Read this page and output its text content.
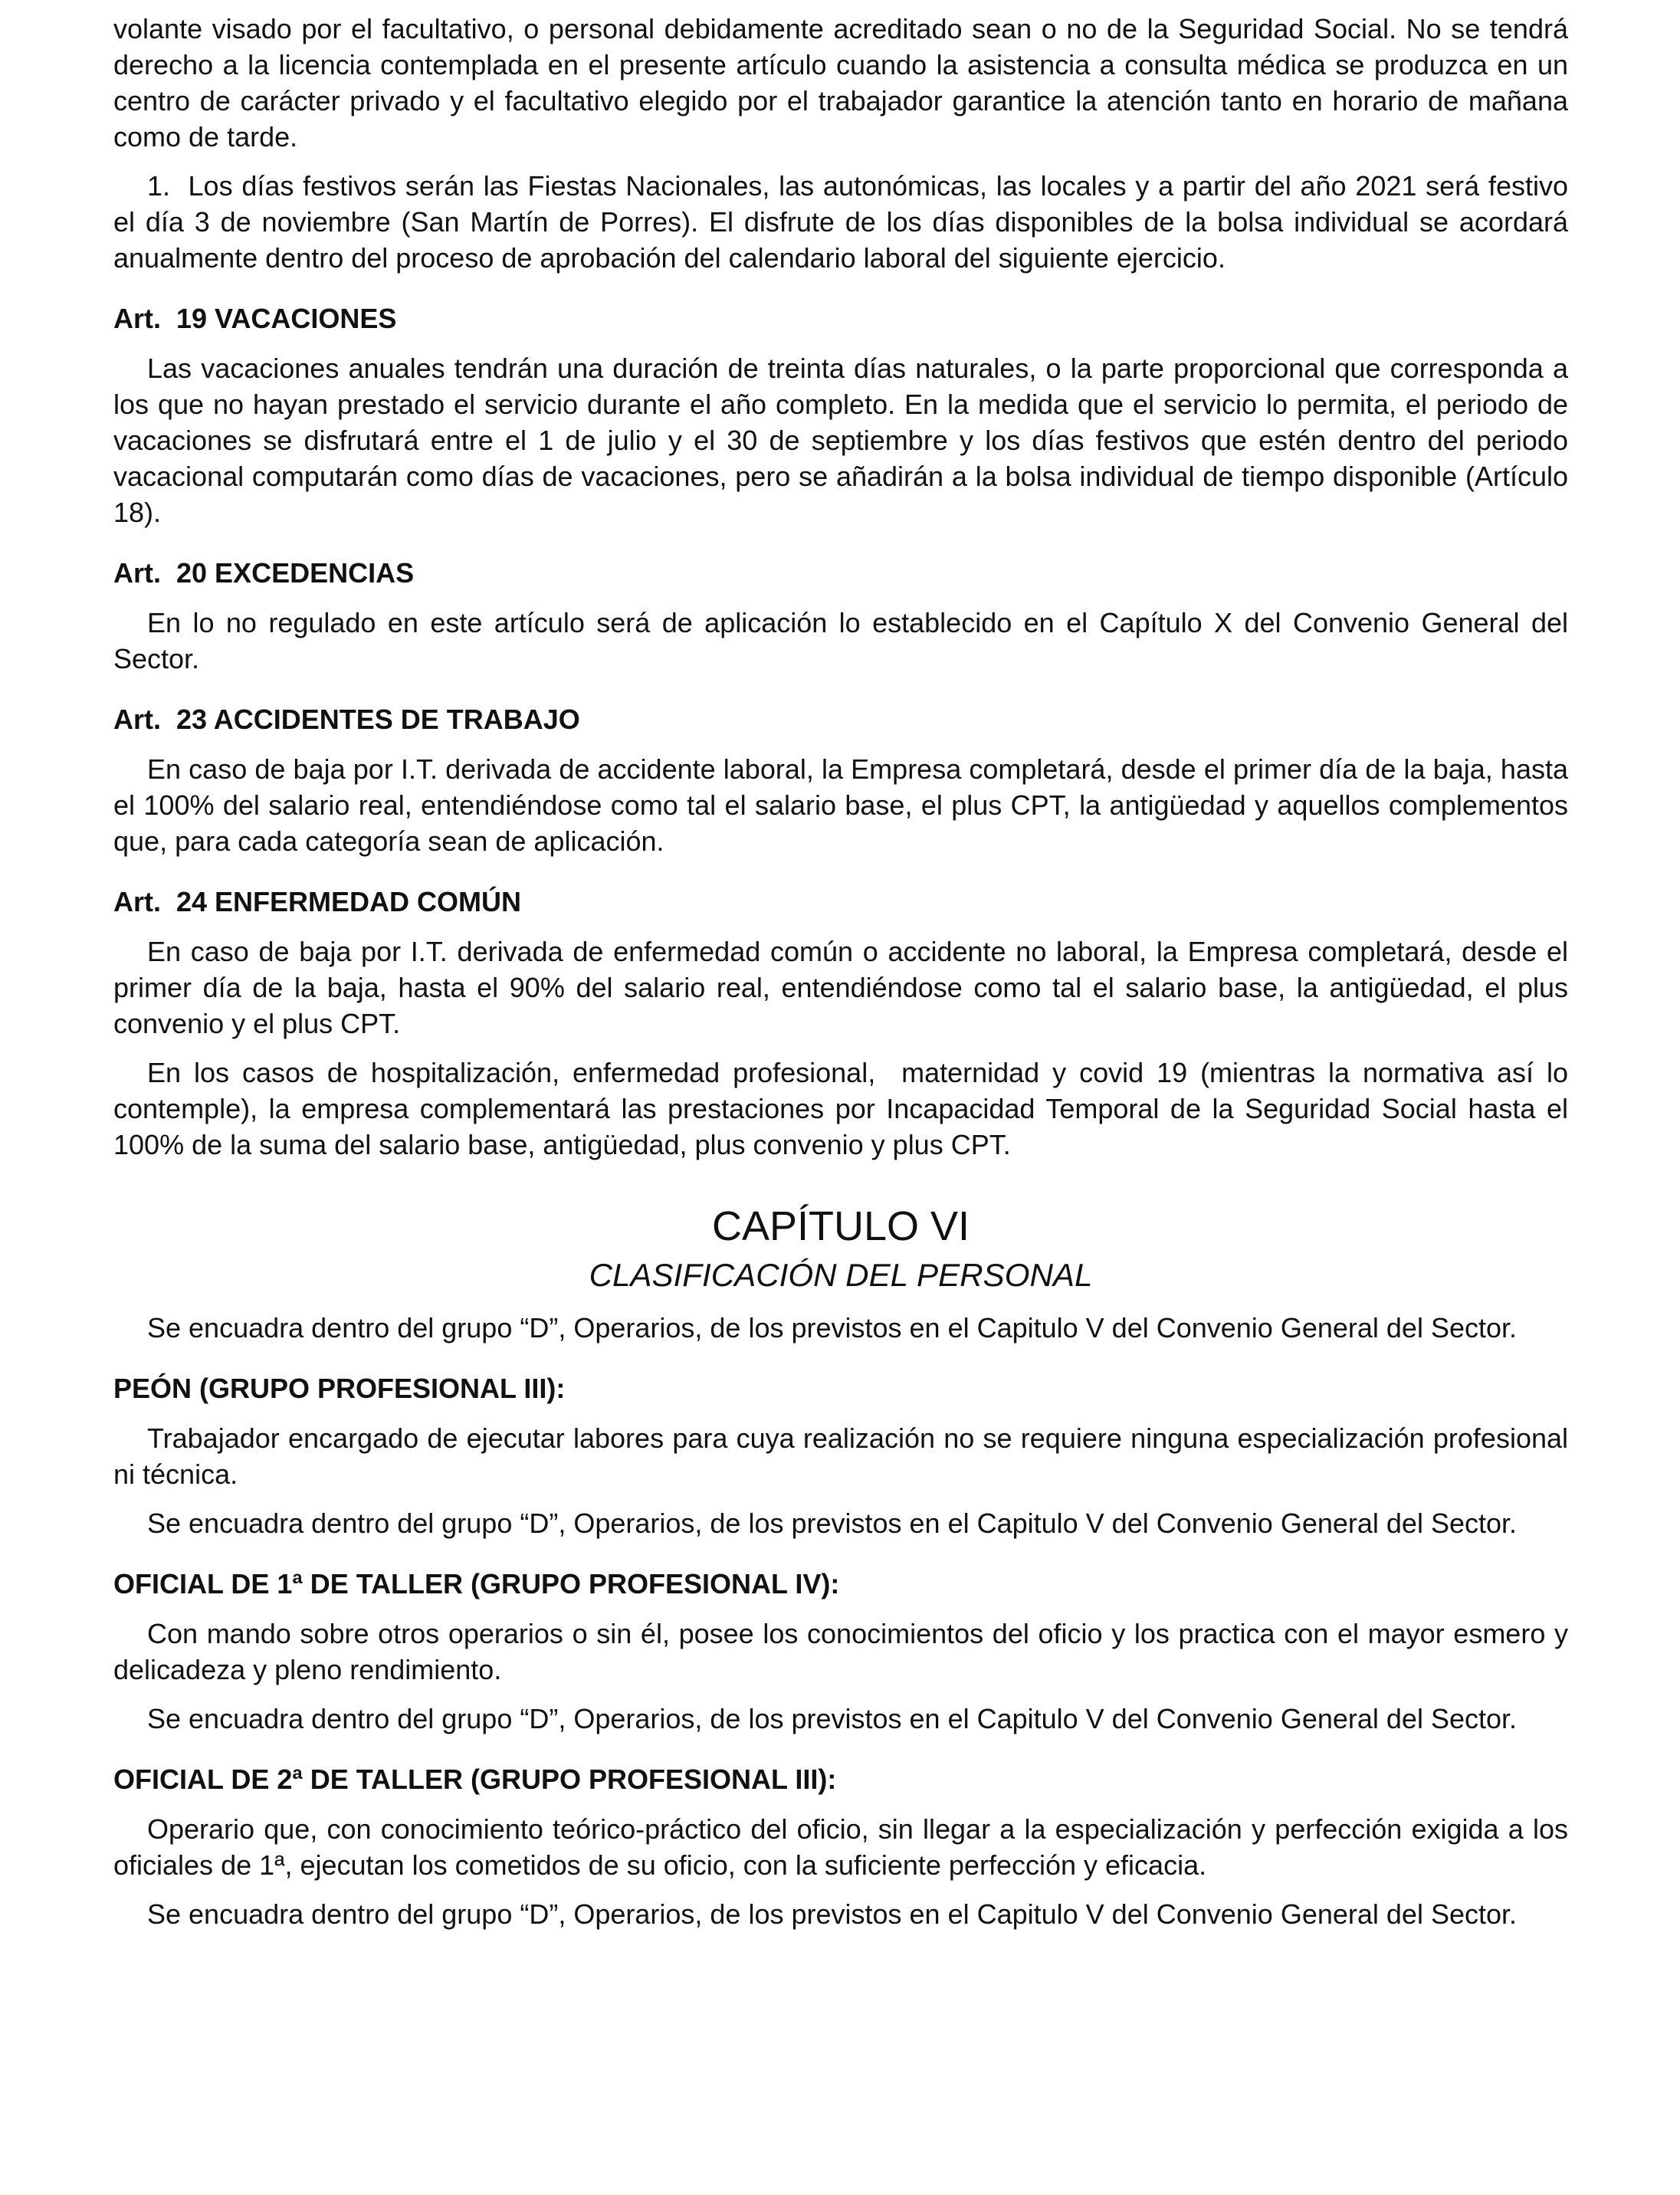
volante visado por el facultativo, o personal debidamente acreditado sean o no de la Seguridad Social. No se tendrá derecho a la licencia contemplada en el presente artículo cuando la asistencia a consulta médica se produzca en un centro de carácter privado y el facultativo elegido por el trabajador garantice la atención tanto en horario de mañana como de tarde.

1.  Los días festivos serán las Fiestas Nacionales, las autonómicas, las locales y a partir del año 2021 será festivo el día 3 de noviembre (San Martín de Porres). El disfrute de los días disponibles de la bolsa individual se acordará anualmente dentro del proceso de aprobación del calendario laboral del siguiente ejercicio.

Art.  19 VACACIONES

Las vacaciones anuales tendrán una duración de treinta días naturales, o la parte proporcional que corresponda a los que no hayan prestado el servicio durante el año completo. En la medida que el servicio lo permita, el periodo de vacaciones se disfrutará entre el 1 de julio y el 30 de septiembre y los días festivos que estén dentro del periodo vacacional computarán como días de vacaciones, pero se añadirán a la bolsa individual de tiempo disponible (Artículo 18).

Art.  20 EXCEDENCIAS

En lo no regulado en este artículo será de aplicación lo establecido en el Capítulo X del Convenio General del Sector.

Art.  23 ACCIDENTES DE TRABAJO

En caso de baja por I.T. derivada de accidente laboral, la Empresa completará, desde el primer día de la baja, hasta el 100% del salario real, entendiéndose como tal el salario base, el plus CPT, la antigüedad y aquellos complementos que, para cada categoría sean de aplicación.

Art.  24 ENFERMEDAD COMÚN

En caso de baja por I.T. derivada de enfermedad común o accidente no laboral, la Empresa completará, desde el primer día de la baja, hasta el 90% del salario real, entendiéndose como tal el salario base, la antigüedad, el plus convenio y el plus CPT.

En los casos de hospitalización, enfermedad profesional,  maternidad y covid 19 (mientras la normativa así lo contemple), la empresa complementará las prestaciones por Incapacidad Temporal de la Seguridad Social hasta el 100% de la suma del salario base, antigüedad, plus convenio y plus CPT.

CAPÍTULO VI
CLASIFICACIÓN DEL PERSONAL

Se encuadra dentro del grupo “D”, Operarios, de los previstos en el Capitulo V del Convenio General del Sector.

PEÓN (GRUPO PROFESIONAL III):

Trabajador encargado de ejecutar labores para cuya realización no se requiere ninguna especialización profesional ni técnica.

Se encuadra dentro del grupo “D”, Operarios, de los previstos en el Capitulo V del Convenio General del Sector.

OFICIAL DE 1ª DE TALLER (GRUPO PROFESIONAL IV):

Con mando sobre otros operarios o sin él, posee los conocimientos del oficio y los practica con el mayor esmero y delicadeza y pleno rendimiento.

Se encuadra dentro del grupo “D”, Operarios, de los previstos en el Capitulo V del Convenio General del Sector.

OFICIAL DE 2ª DE TALLER (GRUPO PROFESIONAL III):

Operario que, con conocimiento teórico-práctico del oficio, sin llegar a la especialización y perfección exigida a los oficiales de 1ª, ejecutan los cometidos de su oficio, con la suficiente perfección y eficacia.

Se encuadra dentro del grupo “D”, Operarios, de los previstos en el Capitulo V del Convenio General del Sector.
